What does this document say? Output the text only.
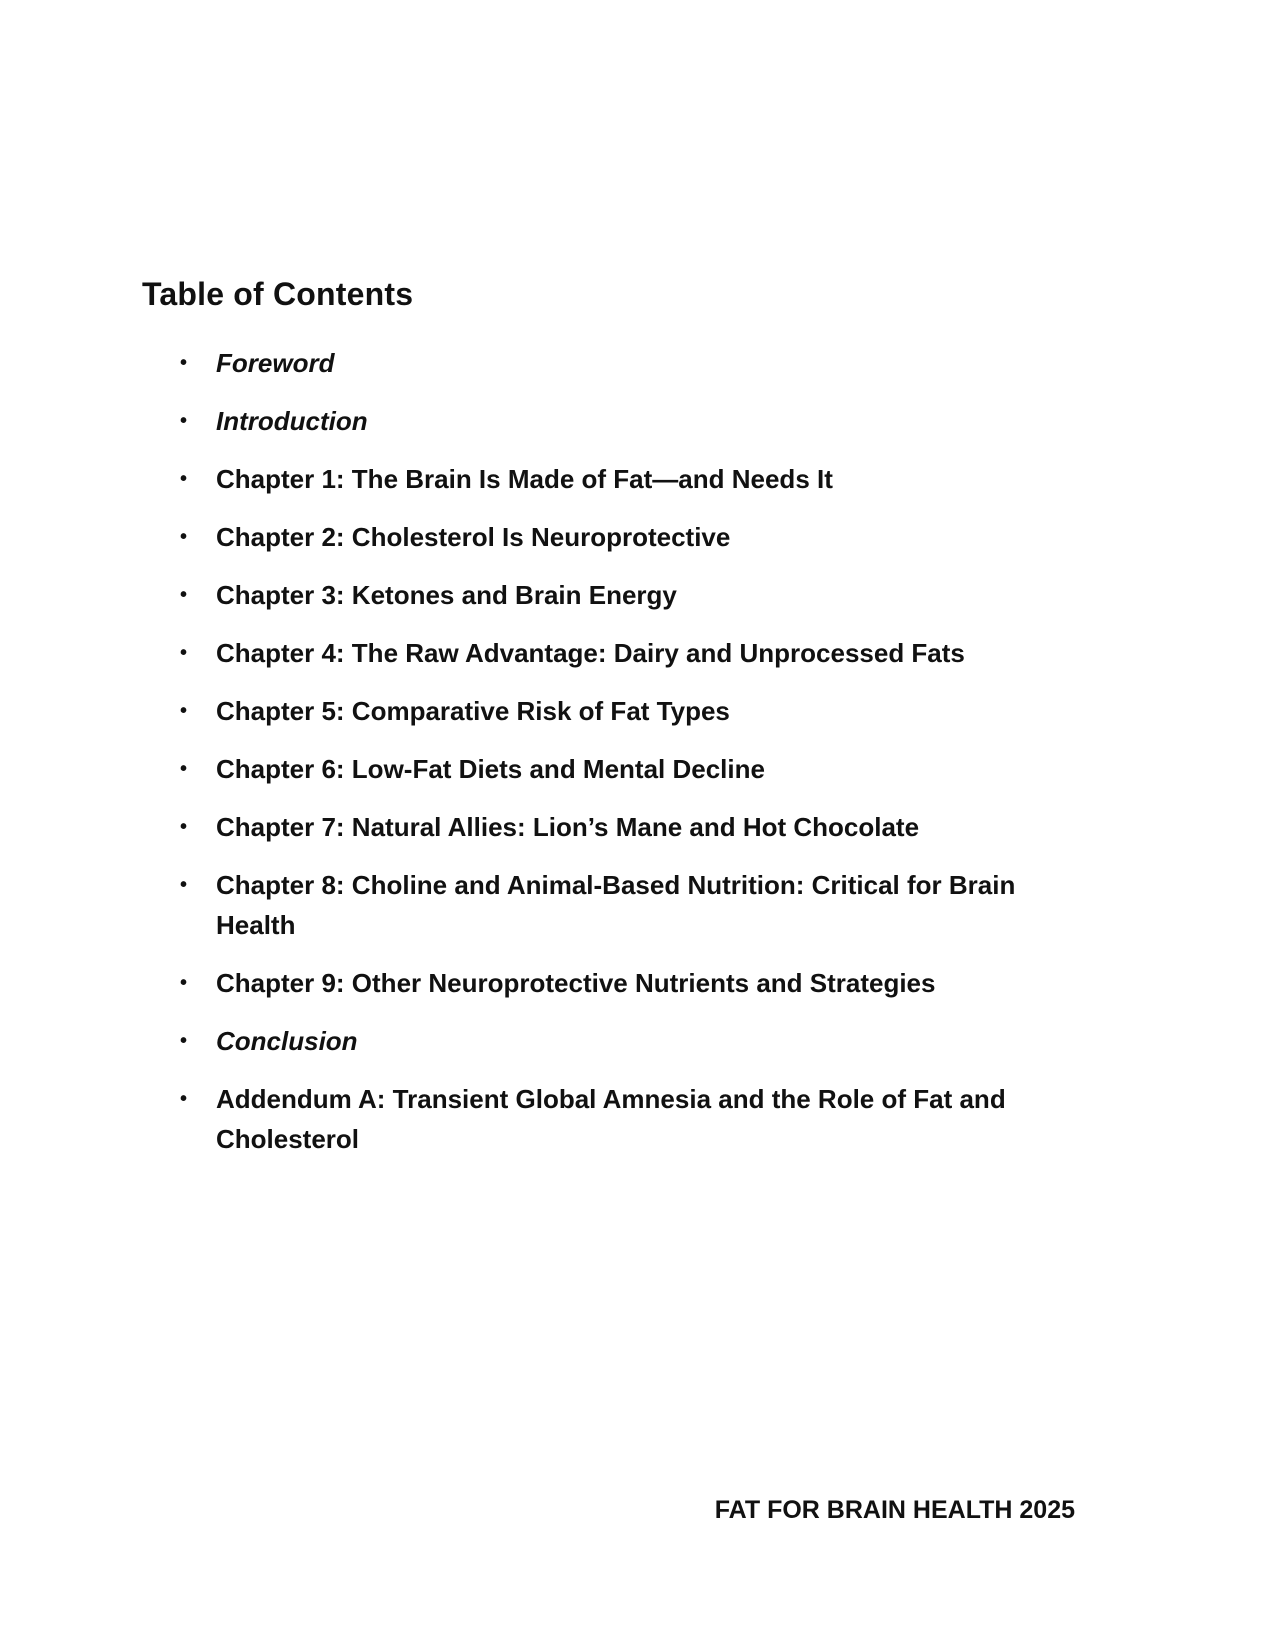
Table of Contents
• Foreword
• Introduction
• Chapter 1: The Brain Is Made of Fat—and Needs It
• Chapter 2: Cholesterol Is Neuroprotective
• Chapter 3: Ketones and Brain Energy
• Chapter 4: The Raw Advantage: Dairy and Unprocessed Fats
• Chapter 5: Comparative Risk of Fat Types
• Chapter 6: Low-Fat Diets and Mental Decline
• Chapter 7: Natural Allies: Lion’s Mane and Hot Chocolate
• Chapter 8: Choline and Animal-Based Nutrition: Critical for Brain Health
• Chapter 9: Other Neuroprotective Nutrients and Strategies
• Conclusion
• Addendum A: Transient Global Amnesia and the Role of Fat and Cholesterol

FAT FOR BRAIN HEALTH 2025
